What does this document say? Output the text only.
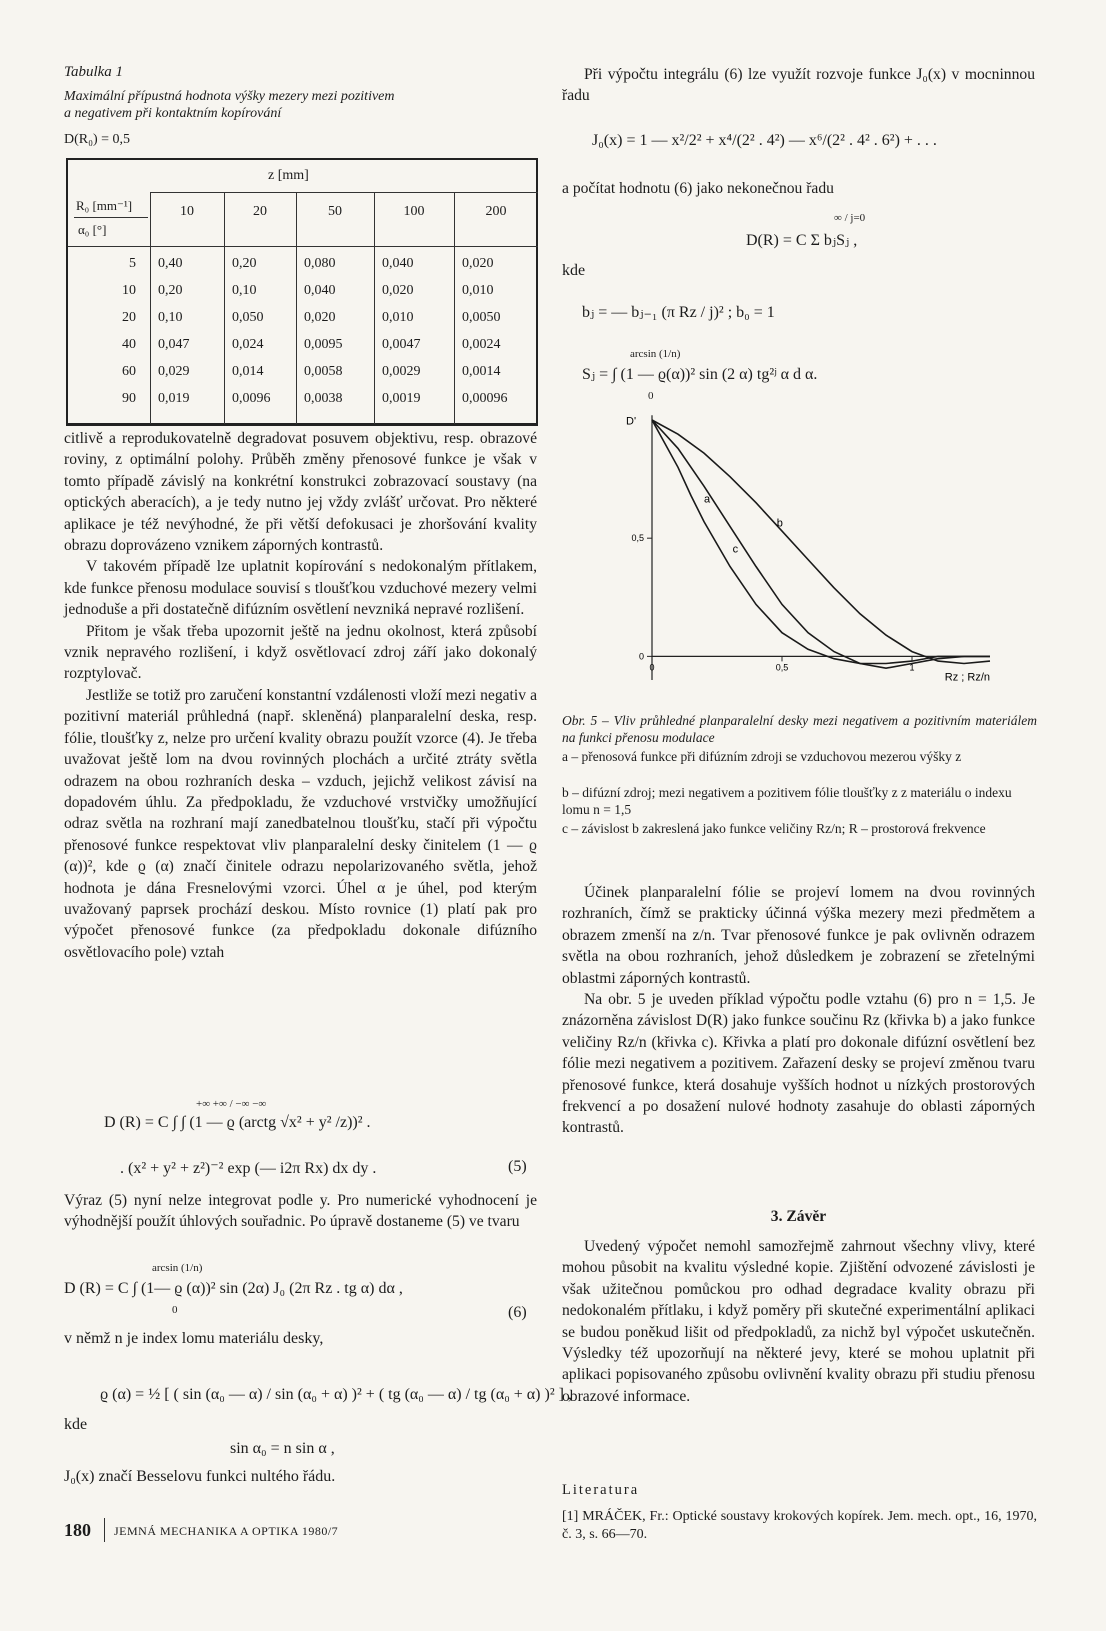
Tabulka 1
Maximální přípustná hodnota výšky mezery mezi pozitivem
a negativem při kontaktním kopírování
D(R₀) = 0,5
z [mm]
R₀ [mm⁻¹]
α₀ [°]
10	20	50	100	200
5	0,40	0,20	0,080	0,040	0,020
10	0,20	0,10	0,040	0,020	0,010
20	0,10	0,050	0,020	0,010	0,0050
40	0,047	0,024	0,0095	0,0047	0,0024
60	0,029	0,014	0,0058	0,0029	0,0014
90	0,019	0,0096	0,0038	0,0019	0,00096

citlivě a reprodukovatelně degradovat posuvem objektivu, resp. obrazové roviny, z optimální polohy. Průběh změny přenosové funkce je však v tomto případě závislý na konkrétní konstrukci zobrazovací soustavy (na optických aberacích), a je tedy nutno jej vždy zvlášť určovat. Pro některé aplikace je též nevýhodné, že při větší defokusaci je zhoršování kvality obrazu doprovázeno vznikem záporných kontrastů.

V takovém případě lze uplatnit kopírování s nedokonalým přítlakem, kde funkce přenosu modulace souvisí s tloušťkou vzduchové mezery velmi jednoduše a při dostatečně difúzním osvětlení nevzniká nepravé rozlišení.

Přitom je však třeba upozornit ještě na jednu okolnost, která způsobí vznik nepravého rozlišení, i když osvětlovací zdroj září jako dokonalý rozptylovač.

Jestliže se totiž pro zaručení konstantní vzdálenosti vloží mezi negativ a pozitivní materiál průhledná (např. skleněná) planparalelní deska, resp. fólie, tloušťky z, nelze pro určení kvality obrazu použít vzorce (4). Je třeba uvažovat ještě lom na dvou rovinných plochách a určité ztráty světla odrazem na obou rozhraních deska – vzduch, jejichž velikost závisí na dopadovém úhlu. Za předpokladu, že vzduchové vrstvičky umožňující odraz světla na rozhraní mají zanedbatelnou tloušťku, stačí při výpočtu přenosové funkce respektovat vliv planparalelní desky činitelem (1 — ϱ (α))², kde ϱ (α) značí činitele odrazu nepolarizovaného světla, jehož hodnota je dána Fresnelovými vzorci. Úhel α je úhel, pod kterým uvažovaný paprsek prochází deskou. Místo rovnice (1) platí pak pro výpočet přenosové funkce (za předpokladu dokonale difúzního osvětlovacího pole) vztah

+∞ +∞ / −∞ −∞
D (R) = C ∫ ∫ (1 — ϱ (arctg √x² + y² /z))² .
. (x² + y² + z²)⁻² exp (— i2π Rx) dx dy .	(5)

Výraz (5) nyní nelze integrovat podle y. Pro numerické vyhodnocení je výhodnější použít úhlových souřadnic. Po úpravě dostaneme (5) ve tvaru

arcsin (1/n)
D (R) = C ∫ (1— ϱ (α))² sin (2α) J₀ (2π Rz . tg α) dα ,
0	(6)
v němž n je index lomu materiálu desky,
ϱ (α) = ½ [ ( sin (α₀ — α) / sin (α₀ + α) )² + ( tg (α₀ — α) / tg (α₀ + α) )² ] ,
kde
sin α₀ = n sin α ,
J₀(x) značí Besselovu funkci nultého řádu.
180 JEMNÁ MECHANIKA A OPTIKA 1980/7

Při výpočtu integrálu (6) lze využít rozvoje funkce J₀(x) v mocninnou řadu

J₀(x) = 1 — x²/2² + x⁴/(2² . 4²) — x⁶/(2² . 4² . 6²) + . . .

a počítat hodnotu (6) jako nekonečnou řadu

∞ / j=0
D(R) = C Σ bⱼSⱼ ,
kde
bⱼ = — bⱼ₋₁ (π Rz / j)² ; b₀ = 1
arcsin (1/n)
Sⱼ = ∫ (1 — ϱ(α))² sin (2 α) tg²ʲ α d α.
0
0,5
0
0	0,5	1
D'
Rz ; Rz/n
a
b
c
Obr. 5 – Vliv průhledné planparalelní desky mezi negativem a pozitivním materiálem na funkci přenosu modulace
a – přenosová funkce při difúzním zdroji se vzduchovou mezerou výšky z
b – difúzní zdroj; mezi negativem a pozitivem fólie tloušťky z z materiálu o indexu lomu n = 1,5
c – závislost b zakreslená jako funkce veličiny Rz/n; R – prostorová frekvence

Účinek planparalelní fólie se projeví lomem na dvou rovinných rozhraních, čímž se prakticky účinná výška mezery mezi předmětem a obrazem zmenší na z/n. Tvar přenosové funkce je pak ovlivněn odrazem světla na obou rozhraních, jehož důsledkem je zobrazení se zřetelnými oblastmi záporných kontrastů.

Na obr. 5 je uveden příklad výpočtu podle vztahu (6) pro n = 1,5. Je znázorněna závislost D(R) jako funkce součinu Rz (křivka b) a jako funkce veličiny Rz/n (křivka c). Křivka a platí pro dokonale difúzní osvětlení bez fólie mezi negativem a pozitivem. Zařazení desky se projeví změnou tvaru přenosové funkce, která dosahuje vyšších hodnot u nízkých prostorových frekvencí a po dosažení nulové hodnoty zasahuje do oblasti záporných kontrastů.

3. Závěr

Uvedený výpočet nemohl samozřejmě zahrnout všechny vlivy, které mohou působit na kvalitu výsledné kopie. Zjištění odvozené závislosti je však užitečnou pomůckou pro odhad degradace kvality obrazu při nedokonalém přítlaku, i když poměry při skutečné experimentální aplikaci se budou poněkud lišit od předpokladů, za nichž byl výpočet uskutečněn. Výsledky též upozorňují na některé jevy, které se mohou uplatnit při aplikaci popisovaného způsobu ovlivnění kvality obrazu při studiu přenosu obrazové informace.

Literatura
[1] MRÁČEK, Fr.: Optické soustavy krokových kopírek. Jem. mech. opt., 16, 1970, č. 3, s. 66—70.
